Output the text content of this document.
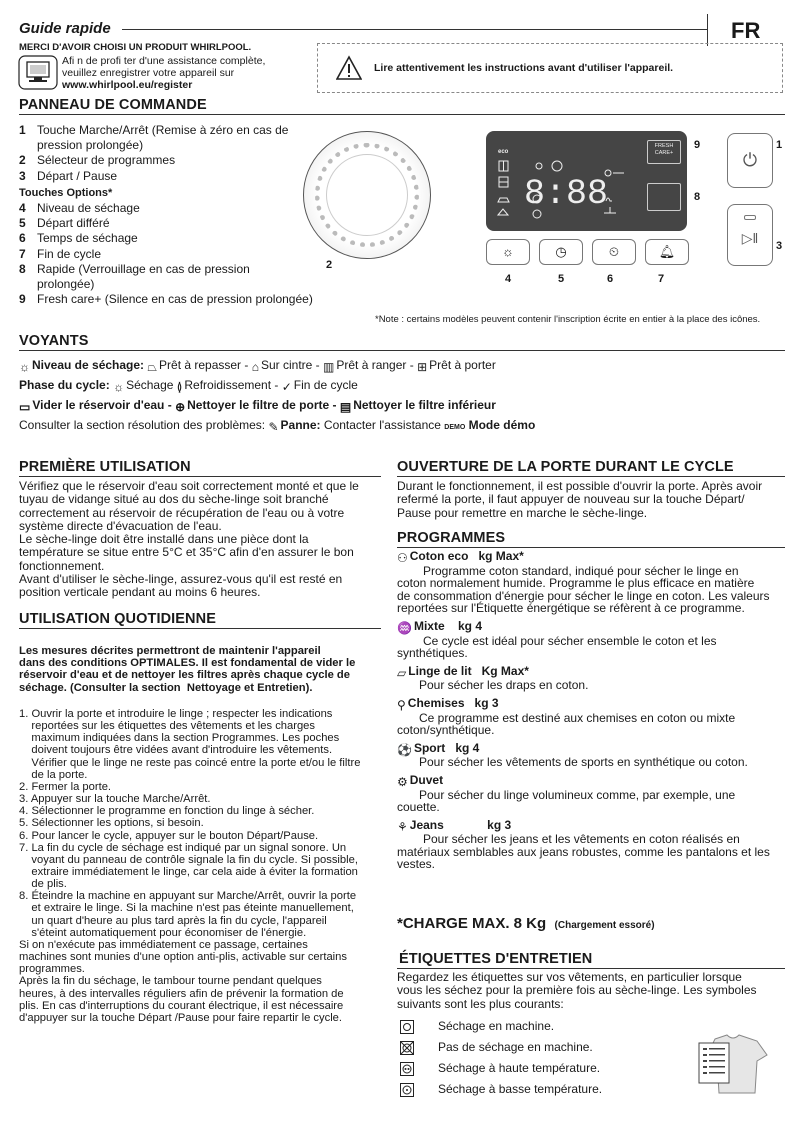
Guide rapide	FR
MERCI D'AVOIR CHOISI UN PRODUIT WHIRLPOOL.
Afi n de profi ter d'une assistance complète,
veuillez enregistrer votre appareil sur
www.whirlpool.eu/register
Lire attentivement les instructions avant d'utiliser l'appareil.
PANNEAU DE COMMANDE
1 Touche Marche/Arrêt (Remise à zéro en cas de
pression prolongée)
2 Sélecteur de programmes
3 Départ / Pause
Touches Options*
4 Niveau de séchage
5 Départ différé
6 Temps de séchage
7 Fin de cycle
8 Rapide (Verrouillage en cas de pression
prolongée)
9 Fresh care+ (Silence en cas de pression prolongée)
2
eco
8:88
FRESH CARE+
9
8
☼	◷	⏲	🔔︎
4	5	6	7
⏻
1
▷‖	3
*Note : certains modèles peuvent contenir l'inscription écrite en entier à la place des icônes.
VOYANTS
☼ Niveau de séchage: ⏢ Prêt à repasser - ⌂ Sur cintre - ▥ Prêt à ranger - ⊞ Prêt à porter
Phase du cycle: ☼ Séchage ≬ Refroidissement - ✓ Fin de cycle
▭ Vider le réservoir d'eau - ⊕ Nettoyer le filtre de porte - ▤ Nettoyer le filtre inférieur
Consulter la section résolution des problèmes: ✎ Panne: Contacter l'assistance DEMO Mode démo
PREMIÈRE UTILISATION
Vérifiez que le réservoir d'eau soit correctement monté et que le
tuyau de vidange situé au dos du sèche-linge soit branché
correctement au réservoir de récupération de l'eau ou à votre
système directe d'évacuation de l'eau.
Le sèche-linge doit être installé dans une pièce dont la
température se situe entre 5°C et 35°C afin d'en assurer le bon
fonctionnement.
Avant d'utiliser le sèche-linge, assurez-vous qu'il est resté en
position verticale pendant au moins 6 heures.
UTILISATION QUOTIDIENNE

Les mesures décrites permettront de maintenir l'appareil
dans des conditions OPTIMALES. Il est fondamental de vider le
réservoir d'eau et de nettoyer les filtres après chaque cycle de
séchage. (Consulter la section  Nettoyage et Entretien).

1. Ouvrir la porte et introduire le linge ; respecter les indications
reportées sur les étiquettes des vêtements et les charges
maximum indiquées dans la section Programmes. Les poches
doivent toujours être vidées avant d'introduire les vêtements.
Vérifier que le linge ne reste pas coincé entre la porte et/ou le filtre
de la porte.
2. Fermer la porte.
3. Appuyer sur la touche Marche/Arrêt.
4. Sélectionner le programme en fonction du linge à sécher.
5. Sélectionner les options, si besoin.
6. Pour lancer le cycle, appuyer sur le bouton Départ/Pause.
7. La fin du cycle de séchage est indiqué par un signal sonore. Un
voyant du panneau de contrôle signale la fin du cycle. Si possible,
extraire immédiatement le linge, car cela aide à éviter la formation
de plis.
8. Éteindre la machine en appuyant sur Marche/Arrêt, ouvrir la porte
et extraire le linge. Si la machine n'est pas éteinte manuellement,
un quart d'heure au plus tard après la fin du cycle, l'appareil
s'éteint automatiquement pour économiser de l'énergie.
Si on n'exécute pas immédiatement ce passage, certaines
machines sont munies d'une option anti-plis, activable sur certains
programmes.
Après la fin du séchage, le tambour tourne pendant quelques
heures, à des intervalles réguliers afin de prévenir la formation de
plis. En cas d'interruptions du courant électrique, il est nécessaire
d'appuyer sur la touche Départ /Pause pour faire repartir le cycle.

OUVERTURE DE LA PORTE DURANT LE CYCLE
Durant le fonctionnement, il est possible d'ouvrir la porte. Après avoir
refermé la porte, il faut appuyer de nouveau sur la touche Départ/
Pause pour remettre en marche le sèche-linge.
PROGRAMMES
⚇ Coton eco kg Max*
Programme coton standard, indiqué pour sécher le linge en
coton normalement humide. Programme le plus efficace en matière
de consommation d'énergie pour sécher le linge en coton. Les valeurs
reportées sur l'Étiquette énergétique se réfèrent à ce programme.
♒ Mixte kg 4
Ce cycle est idéal pour sécher ensemble le coton et les
synthétiques.
▱ Linge de lit Kg Max*
Pour sécher les draps en coton.
⚲ Chemises kg 3
Ce programme est destiné aux chemises en coton ou mixte
coton/synthétique.
⚽ Sport kg 4
Pour sécher les vêtements de sports en synthétique ou coton.
⚙ Duvet
Pour sécher du linge volumineux comme, par exemple, une
couette.
⚘ Jeans	kg 3
Pour sécher les jeans et les vêtements en coton réalisés en
matériaux semblables aux jeans robustes, comme les pantalons et les
vestes.
*CHARGE MAX. 8 Kg (Chargement essoré)
ÉTIQUETTES D'ENTRETIEN
Regardez les étiquettes sur vos vêtements, en particulier lorsque
vous les séchez pour la première fois au sèche-linge. Les symboles
suivants sont les plus courants:
Séchage en machine.
Pas de séchage en machine.
Séchage à haute température.
Séchage à basse température.
